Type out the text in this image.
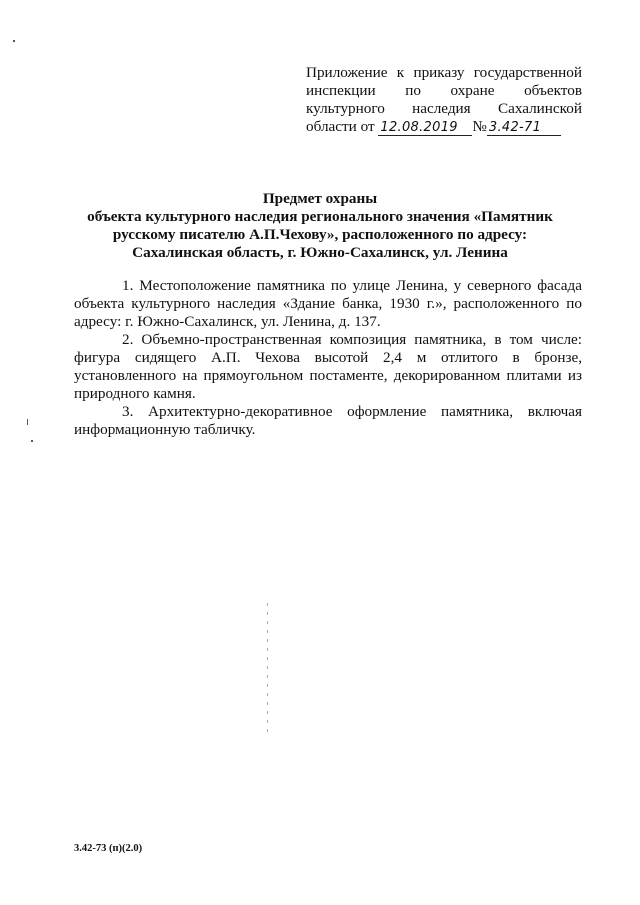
Приложение к приказу государственной
инспекции по охране объектов
культурного наследия Сахалинской
области от 12.08.2019 № 3.42-71
Предмет охраны
объекта культурного наследия регионального значения «Памятник
русскому писателю А.П.Чехову», расположенного по адресу:
Сахалинская область, г. Южно-Сахалинск, ул. Ленина

1. Местоположение памятника по улице Ленина, у северного фасада объекта культурного наследия «Здание банка, 1930 г.», расположенного по адресу: г. Южно-Сахалинск, ул. Ленина, д. 137.

2. Объемно-пространственная композиция памятника, в том числе: фигура сидящего А.П. Чехова высотой 2,4 м отлитого в бронзе, установленного на прямоугольном постаменте, декорированном плитами из природного камня.

3. Архитектурно-декоративное оформление памятника, включая информационную табличку.

3.42-73 (п)(2.0)
